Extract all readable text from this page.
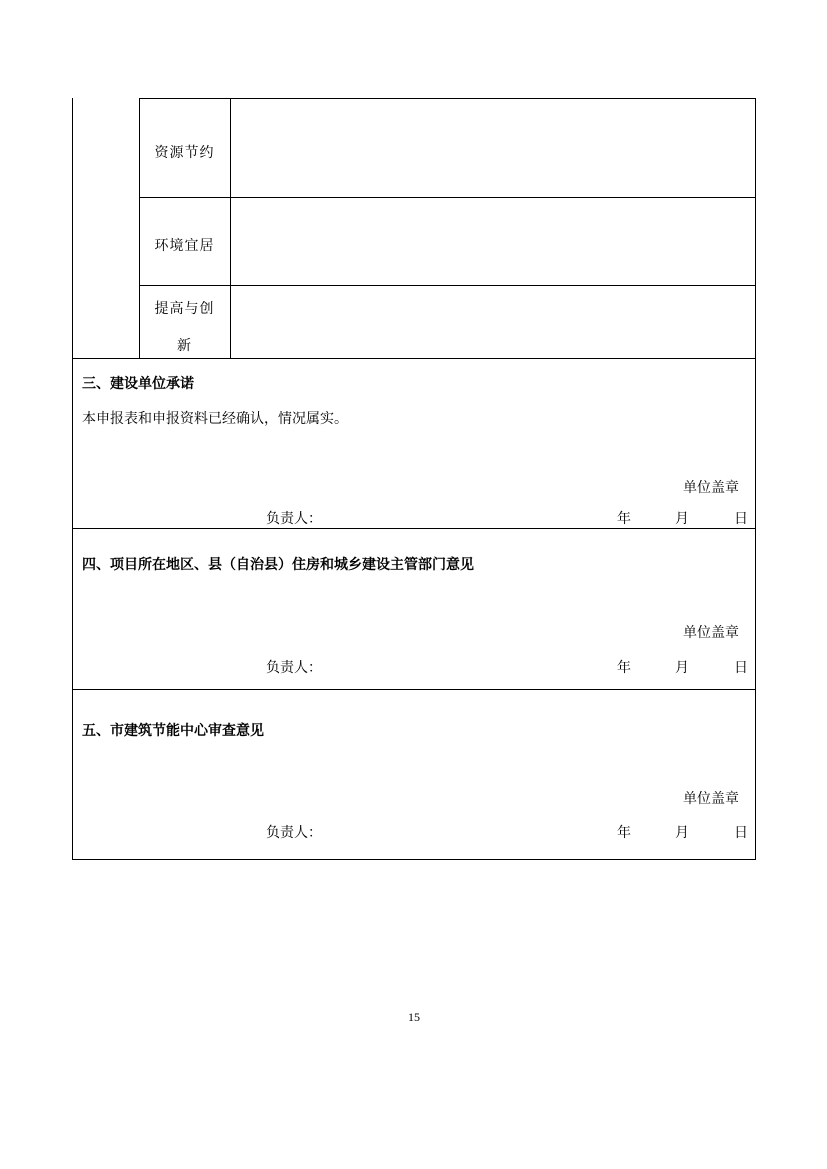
资源节约
环境宜居
提高与创
新
三、建设单位承诺
本申报表和申报资料已经确认，情况属实。
单位盖章
负责人：	年	月	日
四、项目所在地区、县（自治县）住房和城乡建设主管部门意见
单位盖章
负责人：	年	月	日
五、市建筑节能中心审查意见
单位盖章
负责人：	年	月	日
15
